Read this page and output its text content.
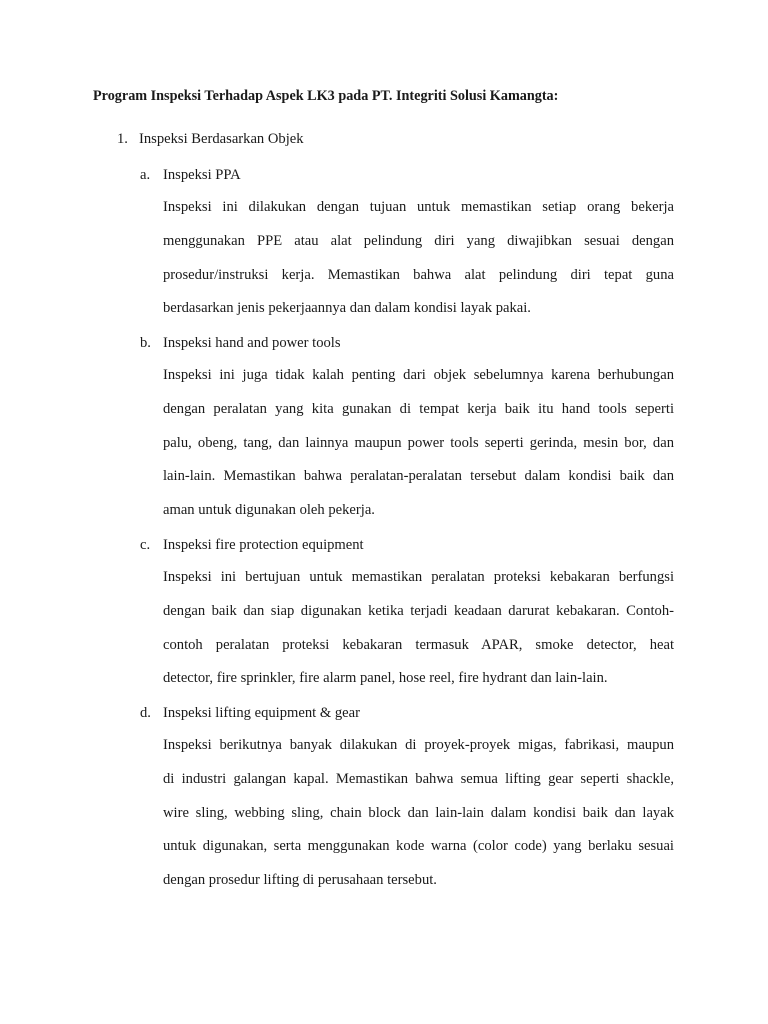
Program Inspeksi Terhadap Aspek LK3 pada PT. Integriti Solusi Kamangta:
1. Inspeksi Berdasarkan Objek
a. Inspeksi PPA
Inspeksi ini dilakukan dengan tujuan untuk memastikan setiap orang bekerja
menggunakan PPE atau alat pelindung diri yang diwajibkan sesuai dengan
prosedur/instruksi kerja. Memastikan bahwa alat pelindung diri tepat guna
berdasarkan jenis pekerjaannya dan dalam kondisi layak pakai.
b. Inspeksi hand and power tools
Inspeksi ini juga tidak kalah penting dari objek sebelumnya karena berhubungan
dengan peralatan yang kita gunakan di tempat kerja baik itu hand tools seperti
palu, obeng, tang, dan lainnya maupun power tools seperti gerinda, mesin bor, dan
lain-lain. Memastikan bahwa peralatan-peralatan tersebut dalam kondisi baik dan
aman untuk digunakan oleh pekerja.
c. Inspeksi fire protection equipment
Inspeksi ini bertujuan untuk memastikan peralatan proteksi kebakaran berfungsi
dengan baik dan siap digunakan ketika terjadi keadaan darurat kebakaran. Contoh-
contoh peralatan proteksi kebakaran termasuk APAR, smoke detector, heat
detector, fire sprinkler, fire alarm panel, hose reel, fire hydrant dan lain-lain.
d. Inspeksi lifting equipment & gear
Inspeksi berikutnya banyak dilakukan di proyek-proyek migas, fabrikasi, maupun
di industri galangan kapal. Memastikan bahwa semua lifting gear seperti shackle,
wire sling, webbing sling, chain block dan lain-lain dalam kondisi baik dan layak
untuk digunakan, serta menggunakan kode warna (color code) yang berlaku sesuai
dengan prosedur lifting di perusahaan tersebut.
